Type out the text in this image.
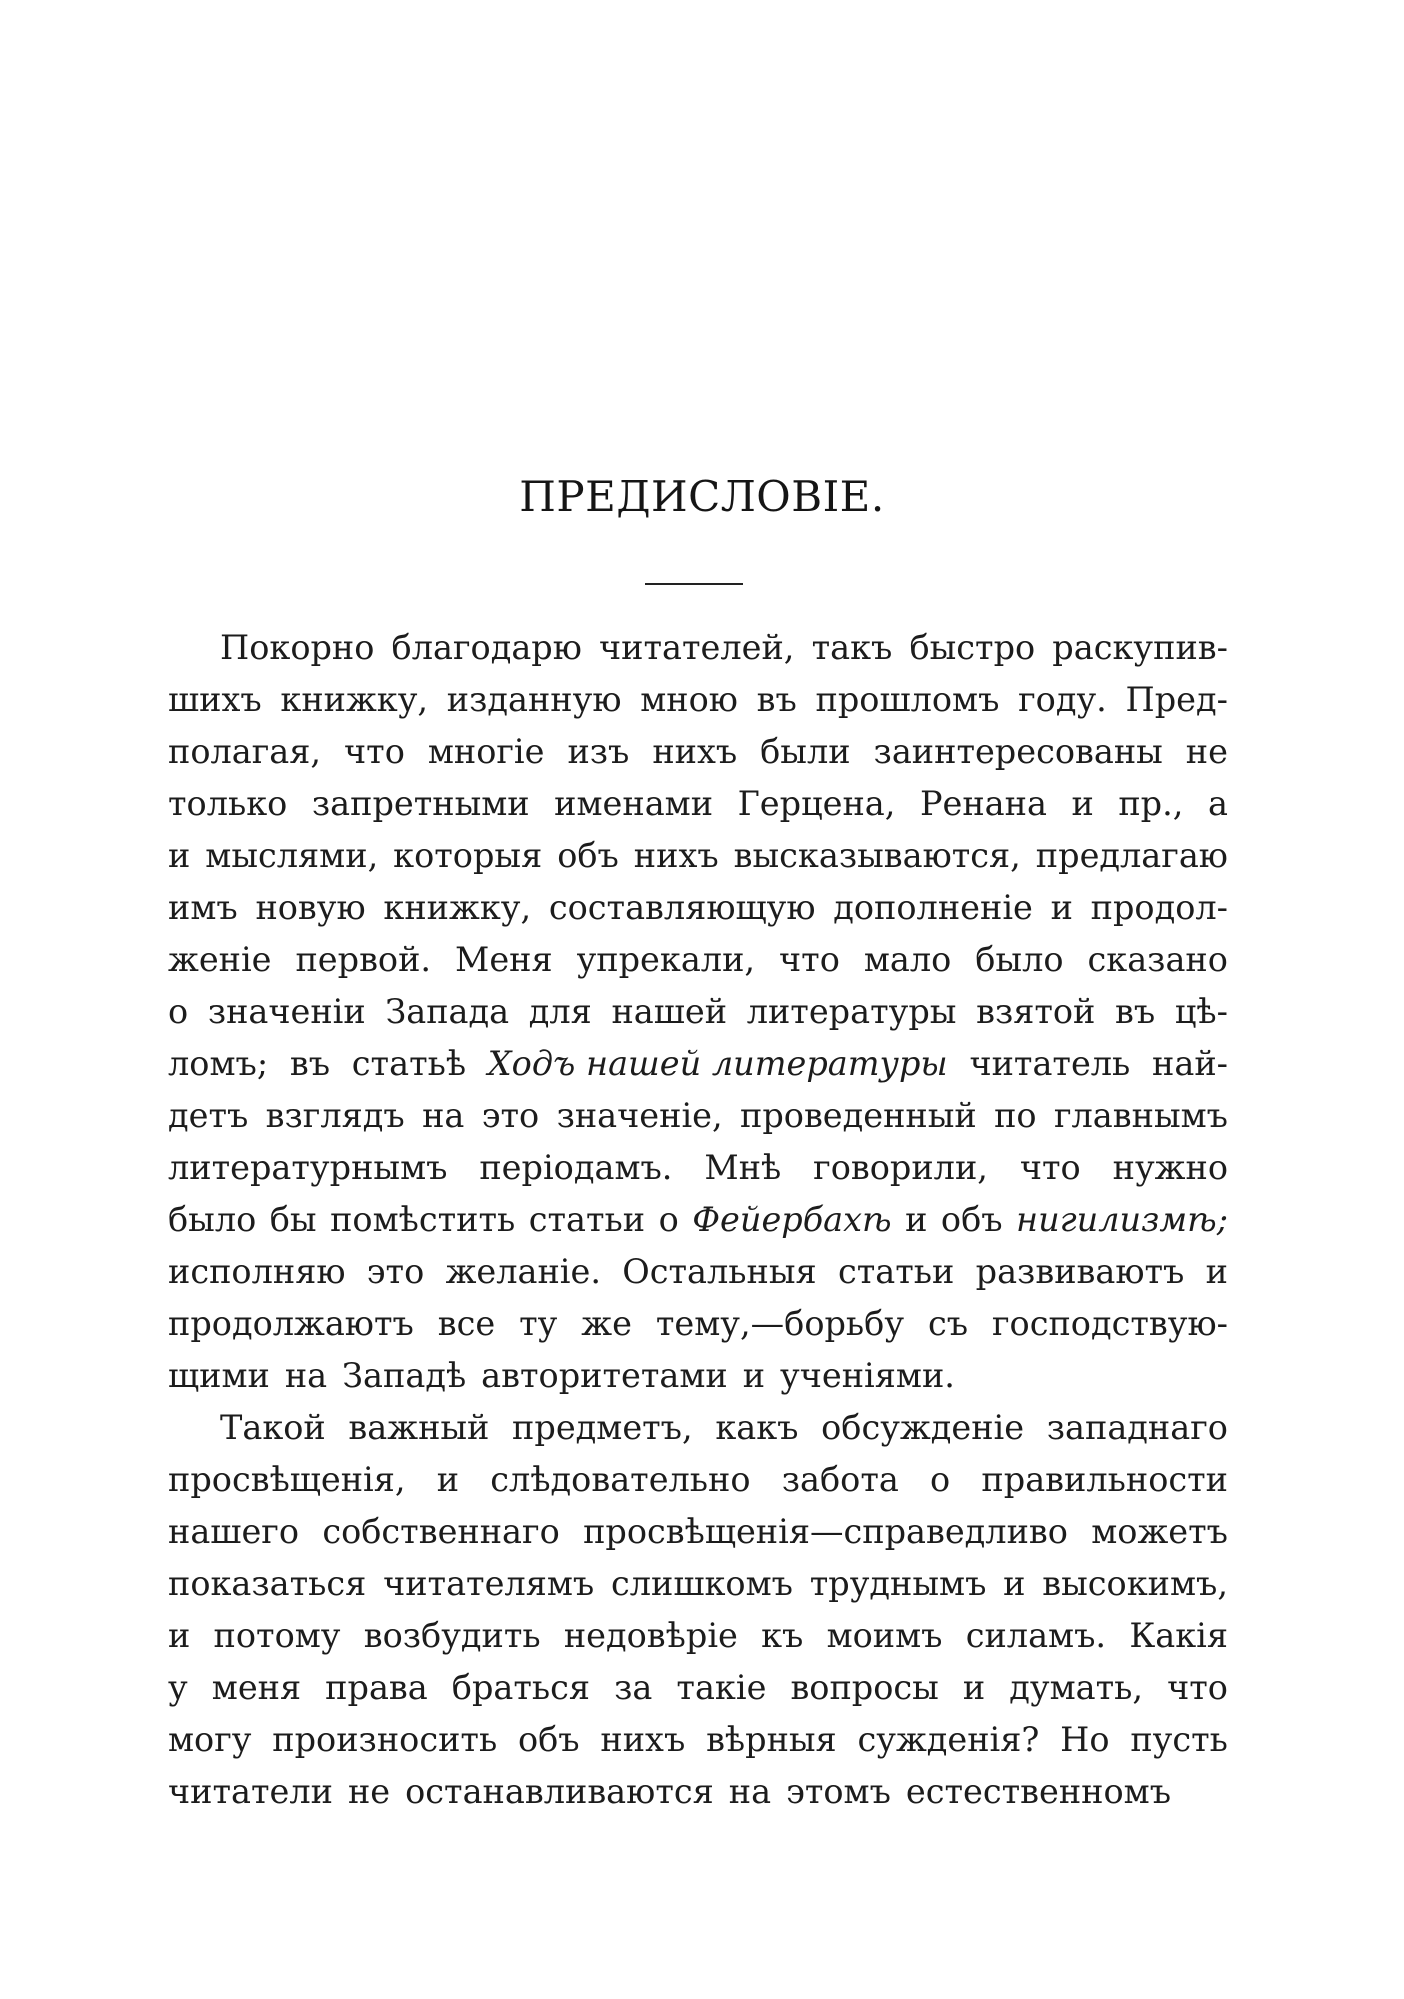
ПРЕДИСЛОВІЕ.
Покорно благодарю читателей, такъ быстро раскупив-
шихъ книжку, изданную мною въ прошломъ году. Пред-
полагая, что многіе изъ нихъ были заинтересованы не
только запретными именами Герцена, Ренана и пр., а
и мыслями, которыя объ нихъ высказываются, предлагаю
имъ новую книжку, составляющую дополненіе и продол-
женіе первой. Меня упрекали, что мало было сказано
о значеніи Запада для нашей литературы взятой въ цѣ-
ломъ; въ статьѣ Ходъ нашей литературы читатель най-
детъ взглядъ на это значеніе, проведенный по главнымъ
литературнымъ періодамъ. Мнѣ говорили, что нужно
было бы помѣстить статьи о Фейербахѣ и объ нигилизмѣ;
исполняю это желаніе. Остальныя статьи развиваютъ и
продолжаютъ все ту же тему,—борьбу съ господствую-
щими на Западѣ авторитетами и ученіями.
Такой важный предметъ, какъ обсужденіе западнаго
просвѣщенія, и слѣдовательно забота о правильности
нашего собственнаго просвѣщенія—справедливо можетъ
показаться читателямъ слишкомъ труднымъ и высокимъ,
и потому возбудить недовѣріе къ моимъ силамъ. Какія
у меня права браться за такіе вопросы и думать, что
могу произносить объ нихъ вѣрныя сужденія? Но пусть
читатели не останавливаются на этомъ естественномъ
